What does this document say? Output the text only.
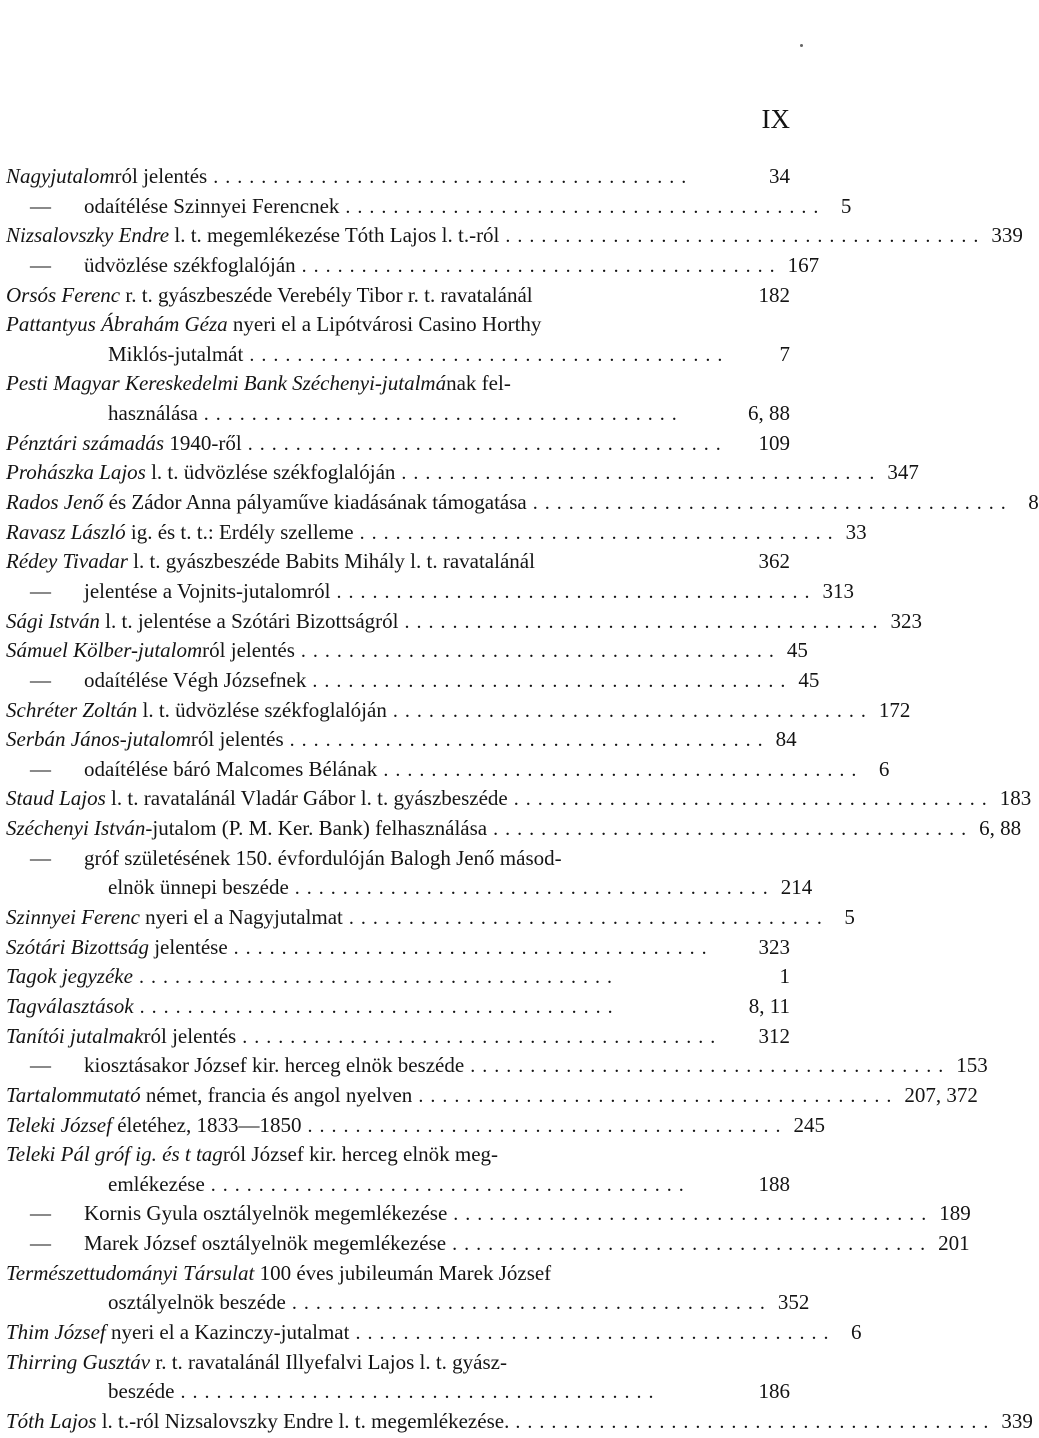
IX
Nagyjutalomról jelentés ........................................	34
— odaítélése Szinnyei Ferencnek ........................................ 5
Nizsalovszky Endre l. t. megemlékezése Tóth Lajos l. t.-ról ........................................ 339
— üdvözlése székfoglalóján ........................................ 167
Orsós Ferenc r. t. gyászbeszéde Verebély Tibor r. t. ravatalánál	182
Pattantyus Ábrahám Géza nyeri el a Lipótvárosi Casino Horthy
Miklós-jutalmát ........................................	7
Pesti Magyar Kereskedelmi Bank Széchenyi-jutalmának fel-
használása ........................................	6, 88
Pénztári számadás 1940-ről ........................................	109
Prohászka Lajos l. t. üdvözlése székfoglalóján ........................................ 347
Rados Jenő és Zádor Anna pályaműve kiadásának támogatása ........................................ 8
Ravasz László ig. és t. t.: Erdély szelleme ........................................ 33
Rédey Tivadar l. t. gyászbeszéde Babits Mihály l. t. ravatalánál	362
— jelentése a Vojnits-jutalomról ........................................ 313
Sági István l. t. jelentése a Szótári Bizottságról ........................................ 323
Sámuel Kölber-jutalomról jelentés ........................................ 45
— odaítélése Végh Józsefnek ........................................ 45
Schréter Zoltán l. t. üdvözlése székfoglalóján ........................................ 172
Serbán János-jutalomról jelentés ........................................ 84
— odaítélése báró Malcomes Bélának ........................................ 6
Staud Lajos l. t. ravatalánál Vladár Gábor l. t. gyászbeszéde ........................................ 183
Széchenyi István-jutalom (P. M. Ker. Bank) felhasználása ........................................ 6, 88
— gróf születésének 150. évfordulóján Balogh Jenő másod-
elnök ünnepi beszéde ........................................ 214
Szinnyei Ferenc nyeri el a Nagyjutalmat ........................................ 5
Szótári Bizottság jelentése ........................................	323
Tagok jegyzéke ........................................	1
Tagválasztások ........................................	8, 11
Tanítói jutalmakról jelentés ........................................	312
— kiosztásakor József kir. herceg elnök beszéde ........................................ 153
Tartalommutató német, francia és angol nyelven ........................................ 207, 372
Teleki József életéhez, 1833—1850 ........................................ 245
Teleki Pál gróf ig. és t tagról József kir. herceg elnök meg-
emlékezése ........................................	188
— Kornis Gyula osztályelnök megemlékezése ........................................ 189
— Marek József osztályelnök megemlékezése ........................................ 201
Természettudományi Társulat 100 éves jubileumán Marek József
osztályelnök beszéde ........................................ 352
Thim József nyeri el a Kazinczy-jutalmat ........................................ 6
Thirring Gusztáv r. t. ravatalánál Illyefalvi Lajos l. t. gyász-
beszéde ........................................	186
Tóth Lajos l. t.-ról Nizsalovszky Endre l. t. megemlékezése. ........................................ 339
